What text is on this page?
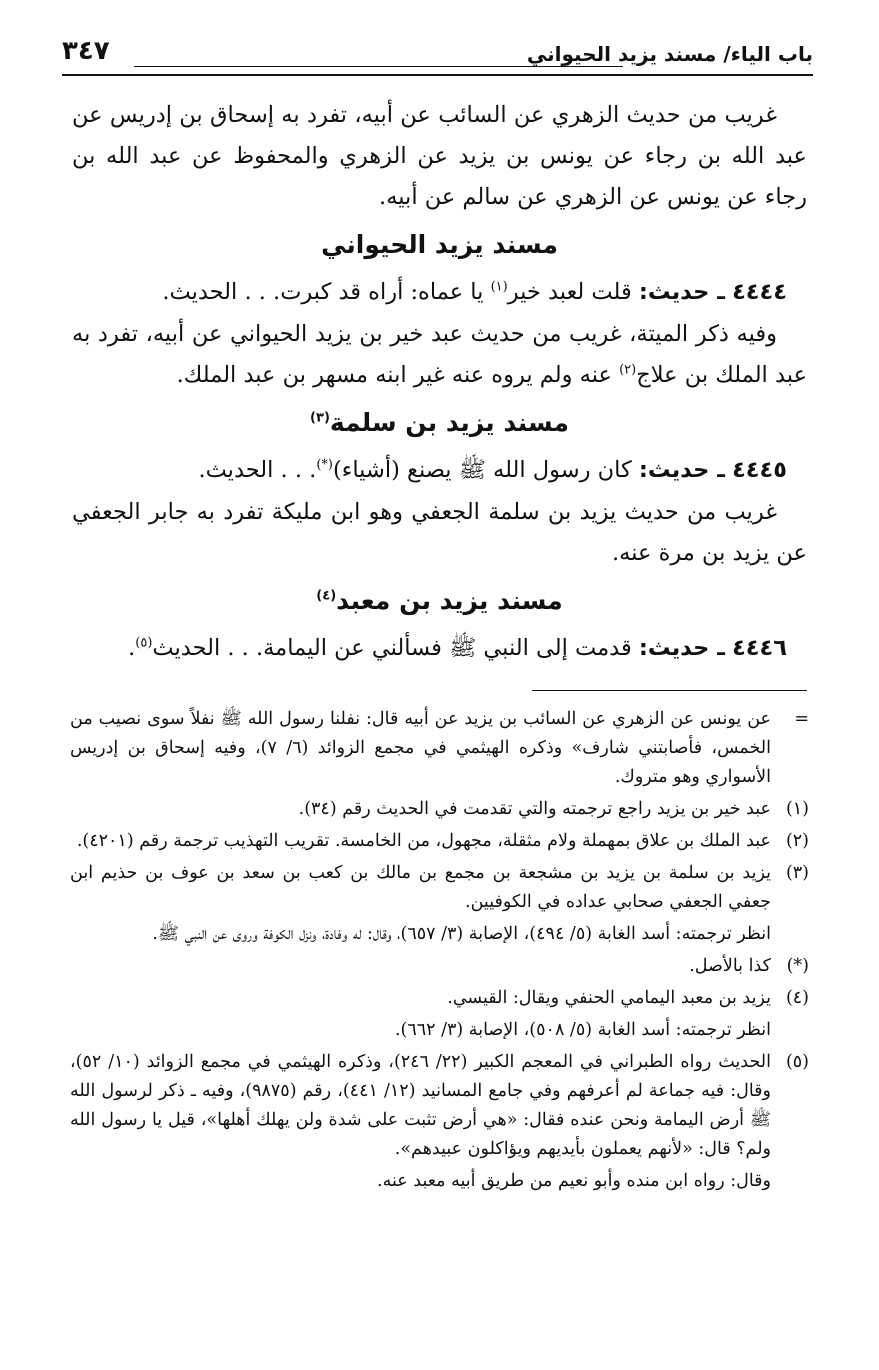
باب الياء/ مسند يزيد الحيواني
٣٤٧

غريب من حديث الزهري عن السائب عن أبيه، تفرد به إسحاق بن إدريس عن عبد الله بن رجاء عن يونس بن يزيد عن الزهري والمحفوظ عن عبد الله بن رجاء عن يونس عن الزهري عن سالم عن أبيه.

مسند يزيد الحيواني

٤٤٤٤ ـ حديث: قلت لعبد خير$^{(١)}$ يا عماه: أراه قد كبرت. . . الحديث.

وفيه ذكر الميتة، غريب من حديث عبد خير بن يزيد الحيواني عن أبيه، تفرد به عبد الملك بن علاج$^{(٢)}$ عنه ولم يروه عنه غير ابنه مسهر بن عبد الملك.

مسند يزيد بن سلمة$^{(٣)}$

٤٤٤٥ ـ حديث: كان رسول الله ﷺ يصنع (أشياء)(*). . . الحديث.

غريب من حديث يزيد بن سلمة الجعفي وهو ابن مليكة تفرد به جابر الجعفي عن يزيد بن مرة عنه.

مسند يزيد بن معبد$^{(٤)}$

٤٤٤٦ ـ حديث: قدمت إلى النبي ﷺ فسألني عن اليمامة. . . الحديث$^{(٥)}$.

=
عن يونس عن الزهري عن السائب بن يزيد عن أبيه قال: نفلنا رسول الله ﷺ نفلاً سوى نصيب من الخمس، فأصابتني شارف» وذكره الهيثمي في مجمع الزوائد (٦/ ٧)، وفيه إسحاق بن إدريس الأسواري وهو متروك.
(١)
عبد خير بن يزيد راجع ترجمته والتي تقدمت في الحديث رقم (٣٤).
(٢)
عبد الملك بن علاق بمهملة ولام مثقلة، مجهول، من الخامسة. تقريب التهذيب ترجمة رقم (٤٢٠١).
(٣)
يزيد بن سلمة بن يزيد بن مشجعة بن مجمع بن مالك بن كعب بن سعد بن عوف بن حذيم ابن جعفي الجعفي صحابي عداده في الكوفيين.
انظر ترجمته: أسد الغابة (٥/ ٤٩٤)، الإصابة (٣/ ٦٥٧)، وقال: له وفادة، ونزل الكوفة وروى عن النبي ﷺ.
(*)
كذا بالأصل.
(٤)
يزيد بن معبد اليمامي الحنفي ويقال: القيسي.
انظر ترجمته: أسد الغابة (٥/ ٥٠٨)، الإصابة (٣/ ٦٦٢).
(٥)
الحديث رواه الطبراني في المعجم الكبير (٢٢/ ٢٤٦)، وذكره الهيثمي في مجمع الزوائد (١٠/ ٥٢)، وقال: فيه جماعة لم أعرفهم وفي جامع المسانيد (١٢/ ٤٤١)، رقم (٩٨٧٥)، وفيه ـ ذكر لرسول الله ﷺ أرض اليمامة ونحن عنده فقال: «هي أرض تثبت على شدة ولن يهلك أهلها»، قيل يا رسول الله ولم؟ قال: «لأنهم يعملون بأيديهم ويؤاكلون عبيدهم».
وقال: رواه ابن منده وأبو نعيم من طريق أبيه معبد عنه.
